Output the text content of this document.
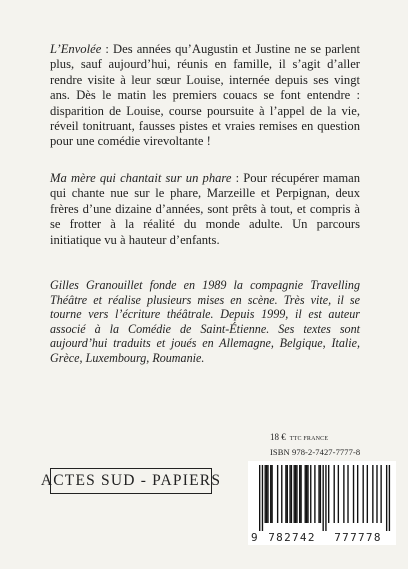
L’Envolée : Des années qu’Augustin et Justine ne se parlent plus, sauf aujourd’hui, réunis en famille, il s’agit d’aller rendre visite à leur sœur Louise, internée depuis ses vingt ans. Dès le matin les premiers couacs se font entendre : disparition de Louise, course poursuite à l’appel de la vie, réveil tonitruant, fausses pistes et vraies remises en question pour une comédie virevoltante !

Ma mère qui chantait sur un phare : Pour récupérer maman qui chante nue sur le phare, Marzeille et Perpignan, deux frères d’une dizaine d’années, sont prêts à tout, et compris à se frotter à la réalité du monde adulte. Un parcours initiatique vu à hauteur d’enfants.

Gilles Granouillet fonde en 1989 la compagnie Travelling Théâtre et réalise plusieurs mises en scène. Très vite, il se tourne vers l’écriture théâtrale. Depuis 1999, il est auteur associé à la Comédie de Saint-Étienne. Ses textes sont aujourd’hui traduits et joués en Allemagne, Belgique, Italie, Grèce, Luxembourg, Roumanie.

18 € TTC FRANCE
ISBN 978-2-7427-7777-8
ACTES SUD - PAPIERS
9 782742	777778
